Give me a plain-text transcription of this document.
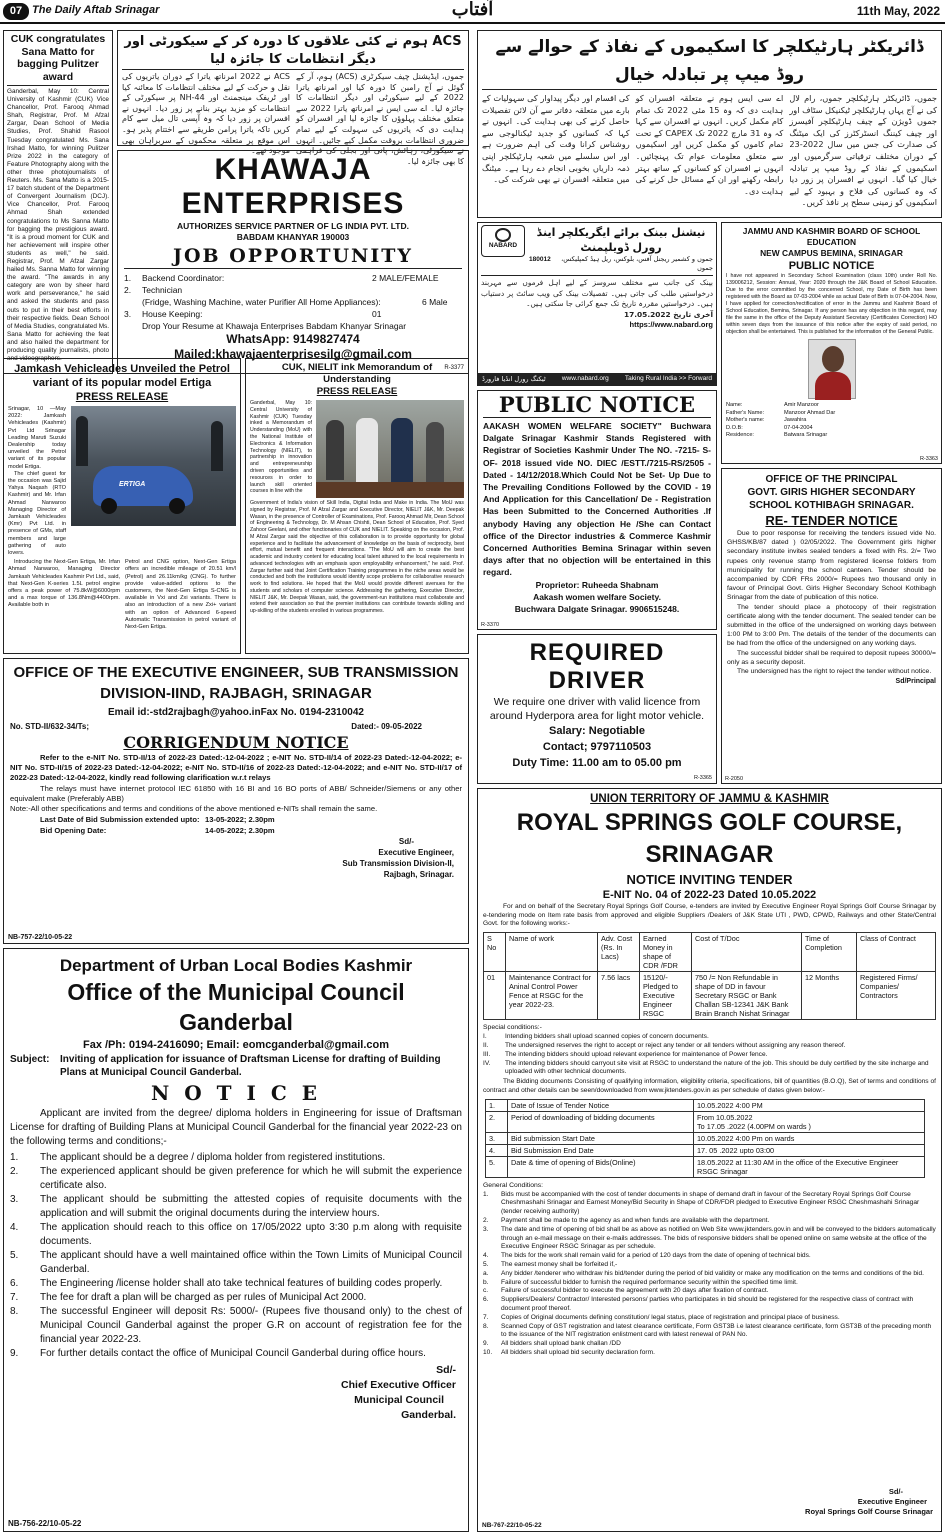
07 The Daily Aftab Srinagar	آفتاب	11th May, 2022
CUK congratulates Sana Matto for bagging Pulitzer award
Ganderbal, May 10: Central University of Kashmir (CUK) Vice Chancellor, Prof. Farooq Ahmad Shah, Registrar, Prof. M Afzal Zargar, Dean School of Media Studies, Prof. Shahid Rasool Tuesday congratulated Ms. Sana Irshad Matto, for winning Pulitzer Prize 2022 in the category of Feature Photography along with the other three photojournalists of Reuters. Ms. Sana Matto is a 2015-17 batch student of the Department of Convergent Journalism (DCJ). Vice Chancellor, Prof. Farooq Ahmad Shah extended congratulations to Ms Sanna Matto for bagging the prestigious award. "It is a proud moment for CUK and her achievement will inspire other students as well," he said. Registrar, Prof. M Afzal Zargar hailed Ms. Sanna Matto for winning the award. "The awards in any category are won by sheer hard work and perseverance," he said and asked the students and pass outs to put in their best efforts in their respective fields. Dean School of Media Studies, congratulated Ms. Sana Matto for achieving the feat and also hailed the department for producing quality journalists, photo and videographers.
ACS ہوم نے کئی علاقوں کا دورہ کر کے سیکورٹی اور دیگر انتظامات کا جائزہ لیا
جموں، ایڈیشنل چیف سیکرٹری (ACS) ہوم، آر کے گوئل نے آج رامبن کا دورہ کیا اور امرناتھ یاترا 2022 کے لیے سیکورٹی اور دیگر انتظامات کا جائزہ لیا۔ اے سی ایس نے امرناتھ یاترا 2022 سے متعلق مختلف پہلوؤں کا جائزہ لیا اور افسران کو ہدایت دی کہ یاتریوں کی سہولت کے لیے تمام ضروری انتظامات بروقت مکمل کیے جائیں۔ انہوں نے سیکورٹی، رہائش، پانی اور بجلی کی فراہمی کا بھی جائزہ لیا۔
ACS نے 2022 امرناتھ یاترا کے دوران یاتریوں کی نقل و حرکت کے لیے مختلف انتظامات کا معائنہ کیا اور ٹریفک مینجمنٹ اور NH-44 پر سیکورٹی کے انتظامات کو مزید بہتر بنانے پر زور دیا۔ انہوں نے افسران پر زور دیا کہ وہ آپسی تال میل سے کام کریں تاکہ یاترا پرامن طریقے سے اختتام پذیر ہو۔ اس موقع پر متعلقہ محکموں کے سربراہان بھی موجود تھے۔
KHAWAJA ENTERPRISES
AUTHORIZES SERVICE PARTNER OF LG INDIA PVT. LTD.
BABDAM KHANYAR 190003
JOB OPPORTUNITY
1.	Backend Coordinator:	2 MALE/FEMALE
2.	Technician
(Fridge, Washing Machine, water Purifier All Home Appliances):	6 Male
3.	House Keeping:	01
Drop Your Resume at Khawaja Enterprises Babdam Khanyar Srinagar
WhatsApp: 9149827474
Mailed:khawajaenterprisesilg@gmail.com
R-3377
ڈائریکٹر ہارٹیکلچر کا اسکیموں کے نفاذ کے حوالے سے روڈ میپ پر تبادلہ خیال
جموں، ڈائریکٹر ہارٹیکلچر جموں، رام لال کی نے آج یہاں ہارٹیکلچر ٹیکنیکل سٹاف اور جموں ڈویژن کے چیف ہارٹیکلچر آفیسرز اور چیف کیننگ انسٹرکٹرز کی ایک میٹنگ کی صدارت کی جس میں سال 2022-23 کے دوران مختلف ترقیاتی سرگرمیوں اور اسکیموں کے نفاذ کے روڈ میپ پر تبادلہ خیال کیا گیا۔ انہوں نے افسران پر زور دیا کہ وہ کسانوں کی فلاح و بہبود کے لیے اسکیموں کو زمینی سطح پر نافذ کریں۔
اے سی ایس ہوم نے متعلقہ افسران کو ہدایت دی کہ وہ 15 مئی 2022 تک تمام کام مکمل کریں۔ انہوں نے افسران سے کہا کہ وہ 31 مارچ 2022 تک CAPEX کے تحت تمام کاموں کو مکمل کریں اور اسکیموں سے متعلق معلومات عوام تک پہنچائیں۔ انہوں نے افسران کو کسانوں کے ساتھ بہتر رابطہ رکھنے اور ان کے مسائل حل کرنے کی ہدایت دی۔
کی اقسام اور دیگر پیداوار کی سہولیات کے بارے میں متعلقہ دفاتر سے آن لائن تفصیلات حاصل کرنے کی بھی ہدایت کی۔ انہوں نے کہا کہ کسانوں کو جدید ٹیکنالوجی سے روشناس کرانا وقت کی اہم ضرورت ہے اور اس سلسلے میں شعبہ ہارٹیکلچر اپنی ذمہ داریاں بخوبی انجام دے رہا ہے۔ میٹنگ میں متعلقہ افسران نے بھی شرکت کی۔
NABARD
نیشنل بینک برائے ایگریکلچر اینڈ رورل ڈویلپمنٹ
جموں و کشمیر ریجنل آفس، بلوکس، ریل ہیڈ کمپلیکس، جموں
180012
بینک کی جانب سے مختلف سروسز کے لیے اہل فرموں سے مہربند درخواستیں طلب کی جاتی ہیں۔ تفصیلات بینک کی ویب سائٹ پر دستیاب ہیں۔ درخواستیں مقررہ تاریخ تک جمع کرائی جا سکتی ہیں۔
آخری تاریخ 17.05.2022
https://www.nabard.org
ٹیکنگ رورل انڈیا فارورڈ www.nabard.org Taking Rural India >> Forward
JAMMU AND KASHMIR BOARD OF SCHOOL EDUCATION
NEW CAMPUS BEMINA, SRINAGAR
PUBLIC NOTICE
I have not appeared in Secondary School Examination (class 10th) under Roll No. 139006212, Session: Annual, Year: 2020 through the J&K Board of School Education. Due to the error committed by the concerned School, my Date of Birth has been registered with the Board as 07-03-2004 while as actual Date of Birth is 07-04-2004. Now, I have applied for correction/rectification of error in the Jammu and Kashmir Board of School Education, Bemina, Srinagar. If any person has any objection in this regard, may file the same in the office of the Deputy Assistant Secretary (Certificates Correction) HO within seven days from the issuance of this notice after the expiry of said period, no objection shall be entertained. This is published for the information of the General Public.
Name:	Amir Manzoor
Father's Name:	Manzoor Ahmad Dar
Mother's name:	Jawahira
D.O.B:	07-04-2004
Residence:	Batwara Srinagar
R-3363
Jamkash Vehicleades Unveiled the Petrol variant of its popular model Ertiga
PRESS RELEASE
Srinagar, 10 —May 2022: Jamkash Vehicleades (Kashmir) Pvt Ltd Srinagar Leading Maruti Suzuki Dealership today unveiled the Petrol variant of its popular model Ertiga.
The chief guest for the occasion was Sajid Yahya Naqash (RTO Kashmir) and Mr. Irfan Ahmad Narwaroo Managing Director of Jamkash Vehicleades (Kmr) Pvt Ltd. in presence of GMs, staff members and large gathering of auto lovers.
ERTIGA
Introducing the Next-Gen Ertiga, Mr. Irfan Ahmad Narwaroo, Managing Director Jamkash Vehicleades Kashmir Pvt Ltd., said, that Next-Gen K-series 1.5L petrol engine offers a peak power of 75.8kW@6000rpm and a max torque of 136.8Nm@4400rpm. Available both in
Petrol and CNG option, Next-Gen Ertiga offers an incredible mileage of 20.51 km/l (Petrol) and 26.11km/kg (CNG). To further provide value-added options to the customers, the Next-Gen Ertiga S-CNG is available in Vxi and Zxi variants. There is also an introduction of a new Zxi+ variant with an option of Advanced 6-speed Automatic Transmission in petrol variant of Next-Gen Ertiga.
CUK, NIELIT ink Memorandum of Understanding
PRESS RELEASE
Ganderbal, May 10: Central University of Kashmir (CUK) Tuesday inked a Memorandum of Understanding (MoU) with the National Institute of Electronics & Information Technology (NIELIT), to partnership in innovation and entrepreneurship driven opportunities and resources in order to launch skill oriented courses in line with the
Government of India's vision of Skill India, Digital India and Make in India. The MoU was signed by Registrar, Prof. M Afzal Zargar and Executive Director, NIELIT J&K, Mr. Deepak Wasan, in the presence of Controller of Examinations, Prof. Farooq Ahmad Mir, Dean School of Engineering & Technology, Dr. M Ahsan Chishti, Dean School of Education, Prof. Syed Zahoor Geelani, and other functionaries of CUK and NIELIT. Speaking on the occasion, Prof. M Afzal Zargar said the objective of this collaboration is to provide opportunity for global experience and to facilitate the advancement of knowledge on the basis of reciprocity, best effort, mutual benefit and frequent interactions. "The MoU will aim to create the best academic and industry content for educating local talent attuned to the local requirements in advanced technologies with an emphasis upon employability enhancement," he said. Prof. Zargar further said that Joint Certification Training programmes in the niche areas would be conducted and both the institutions would identify scope problems for collaborative research work to find solutions. He hoped that the MoU would provide different avenues for the students and scholars of computer science. Addressing the gathering, Executive Director, NIELIT J&K, Mr. Deepak Wasan, said, the government-run institutions must collaborate and extend their association so that the premier institutions can contribute towards skilling and up-skilling of the students enrolled in various programmes.
PUBLIC NOTICE
AAKASH WOMEN WELFARE SOCIETY" Buchwara Dalgate Srinagar Kashmir Stands Registered with Registrar of Societies Kashmir Under The NO. -7215- S-OF- 2018 issued vide NO. DIEC /ESTT./7215-RS/2505 - Dated - 14/12/2018.Which Could Not be Set- Up Due to The Prevailing Conditions Followed by the COVID - 19 And Application for this Cancellation/ De - Registration Has been Submitted to the Concerned Authorities .If anybody Having any objection He /She can Contact office of the Director industries & Commerce Kashmir Concerned Authorities Bemina Srinagar within seven days after that no objection will be entertained in this regard.
Proprietor: Ruheeda Shabnam
Aakash women welfare Society.
Buchwara Dalgate Srinagar. 9906515248.
R-3370
REQUIRED DRIVER
We require one driver with valid licence from around Hyderpora area for light motor vehicle.
Salary: Negotiable
Contact; 9797110503
Duty Time: 11.00 am to 05.00 pm
R-3365
OFFICE OF THE PRINCIPAL
GOVT. GIRIS HIGHER SECONDARY SCHOOL KOTHIBAGH SRINAGAR.
RE- TENDER NOTICE
Due to poor response for receiving the tenders issued vide No. GHSS/KB/87 dated ) 02/05/2022. The Government girls higher secondary institute invites sealed tenders a fixed with Rs. 2/= Two rupees only revenue stamp from registered license folders from municipality for running the school canteen. Tender should be accompanied by CDR FRs 2000/= Rupees two thousand only in favour of Principal Govt. Girls Higher Secondary School Kothibagh Srinagar from the date of publication of this notice.
The tender should place a photocopy of their registration certificate along with the tender document. The sealed tender can be submitted in the office of the undersigned on working days between 1:00 PM to 3:00 Pm. The details of the tender of the documents can be had from the office of the undersigned on any working days.
The successful bidder shall be required to deposit rupees 30000/= only as a security deposit.
The undersigned has the right to reject the tender without notice.
Sd/Principal
R-2050
OFFICE OF THE EXECUTIVE ENGINEER, SUB TRANSMISSION
DIVISION-IIND, RAJBAGH, SRINAGAR
Email id:-std2rajbagh@yahoo.inFax No. 0194-2310042
No. STD-II/632-34/Ts;	Dated:- 09-05-2022
CORRIGENDUM NOTICE
Refer to the e-NIT No. STD-II/13 of 2022-23 Dated:-12-04-2022 ; e-NIT No. STD-II/14 of 2022-23 Dated:-12-04-2022; e-NIT No. STD-II/15 of 2022-23 Dated:-12-04-2022; e-NIT No. STD-II/16 of 2022-23 Dated:-12-04-2022; and e-NIT No. STD-II/17 of 2022-23 Dated:-12-04-2022, kindly read following clarification w.r.t relays
The relays must have internet protocol IEC 61850 with 16 BI and 16 BO ports of ABB/ Schneider/Siemens or any other equivalent make (Preferably ABB)
Note:-All other specifications and terms and conditions of the above mentioned e-NITs shall remain the same.
Last Date of Bid Submission extended upto: 13-05-2022; 2.30pm
Bid Opening Date:	14-05-2022; 2.30pm
Sd/-
Executive Engineer,
Sub Transmission Division-II,
Rajbagh, Srinagar.
NB-757-22/10-05-22
Department of Urban Local Bodies Kashmir
Office of the Municipal Council Ganderbal
Fax /Ph: 0194-2416090; Email: eomcganderbal@gmail.com
Subject:	Inviting of application for issuance of Draftsman License for drafting of Building Plans at Municipal Council Ganderbal.
N O T I C E
Applicant are invited from the degree/ diploma holders in Engineering for issue of Draftsman License for drafting of Building Plans at Municipal Council Ganderbal for the financial year 2022-23 on the following terms and conditions;-
1.	The applicant should be a degree / diploma holder from registered institutions.
2.	The experienced applicant should be given preference for which he will submit the experience certificate also.
3.	The applicant should be submitting the attested copies of requisite documents with the application and will submit the original documents during the interview hours.
4.	The application should reach to this office on 17/05/2022 upto 3:30 p.m along with requisite documents.
5.	The applicant should have a well maintained office within the Town Limits of Municipal Council Ganderbal.
6.	The Engineering /license holder shall ato take technical features of building codes properly.
7.	The fee for draft a plan will be charged as per rules of Municipal Act 2000.
8.	The successful Engineer will deposit Rs: 5000/- (Rupees five thousand only) to the chest of Municipal Council Ganderbal against the proper G.R on account of registration fee for the financial year 2022-23.
9.	For further details contact the office of Municipal Council Ganderbal during office hours.
Sd/-
Chief Executive Officer
Municipal Council
Ganderbal.
NB-756-22/10-05-22
UNION TERRITORY OF JAMMU & KASHMIR
ROYAL SPRINGS GOLF COURSE, SRINAGAR
NOTICE INVITING TENDER
E-NIT No. 04 of 2022-23 Dated 10.05.2022
For and on behalf of the Secretary Royal Springs Golf Course, e-tenders are invited by Executive Engineer Royal Springs Golf Course Srinagar by e-tendering mode on Item rate basis from approved and eligible Suppliers /Dealers of J&K State UTI , PWD, CPWD, Railways and other State/Central Govt. for the following works:-
S No	Name of work	Adv. Cost (Rs. In Lacs)	Earned Money in shape of CDR /FDR	Cost of T/Doc	Time of Completion	Class of Contract
01	Maintenance Contract for Aninal Control Power Fence at RSGC for the year 2022-23.	7.56 lacs	15120/- Pledged to Executive Engineer RSGC	750 /= Non Refundable in shape of DD in favour Secretary RSGC or Bank Challan SB-12341 J&K Bank Brain Branch Nishat Srinagar	12 Months	Registered Firms/ Companies/ Contractors
Special conditions:-
I.	Intending bidders shall upload scanned copies of concern documents.
II.	The undersigned reserves the right to accept or reject any tender or all tenders without assigning any reason thereof.
III.	The intending bidders should upload relevant experience for maintenance of Power fence.
IV.	The intending bidders should carryout site visit at RSGC to understand the nature of the job. This should be duly certified by the site incharge and uploaded with other technical documents.
The Bidding documents Consisting of qualifying information, eligibility criteria, specifications, bill of quantities (B.O.Q), Set of terms and conditions of contract and other details can be seen/downloaded from www.jktenders.gov.in as per schedule of dates given below:-
1.	Date of Issue of Tender Notice	10.05.2022 4:00 PM
2.	Period of downloading of bidding documents	From 10.05.2022
To 17.05 .2022 (4.00PM on wards )
3.	Bid submission Start Date	10.05.2022 4:00 Pm on wards
4.	Bid Submission End Date	17. 05 .2022 upto 03:00
5.	Date & time of opening of Bids(Online)	18.05.2022 at 11:30 AM in the office of the Executive Engineer RSGC Srinagar
General Conditions:
1.	Bids must be accompanied with the cost of tender documents in shape of demand draft in favour of the Secretary Royal Springs Golf Course Cheshmashahi Srinagar and Earnest Money/Bid Security in Shape of CDR/FDR pledged to Executive Engineer RSGC Cheshmashahi Srinagar (tender receiving authority)
2.	Payment shall be made to the agency as and when funds are available with the department.
3.	The date and time of opening of bid shall be as above as notified on Web Site www.jktenders.gov.in and will be conveyed to the bidders automatically through an e-mail message on their e-mails addresses. The bids of responsive bidders shall be opened online on same website at the office of the Executive Engineer RSGC Srinagar as per schedule.
4.	The bids for the work shall remain valid for a period of 120 days from the date of opening of technical bids.
5.	The earnest money shall be forfeited if,-
a.	Any bidder /tenderer who withdraw his bid/tender during the period of bid validity or make any modification on the terms and conditions of the bid.
b.	Failure of successful bidder to furnish the required performance security within the specified time limit.
c.	Failure of successful bidder to execute the agreement with 20 days after fixation of contract.
6.	Suppliers/Dealers/ Contractor/ Interested persons/ parties who participates in bid should be registered for the respective class of contract with document proof thereof.
7.	Copies of Original documents defining constitution/ legal status, place of registration and principal place of business.
8.	Scanned Copy of GST registration and latest clearance certificate, Form GST3B i.e latest clearance certificate, form GST3B of the preceding month to the issuance of the NIT registration enlistment card with latest renewal of PAN No.
9.	All bidders shall upload bank challan /DD
10.	All bidders shall upload bid security declaration form.
Sd/-
Executive Engineer
Royal Springs Golf Course Srinagar
NB-767-22/10-05-22
